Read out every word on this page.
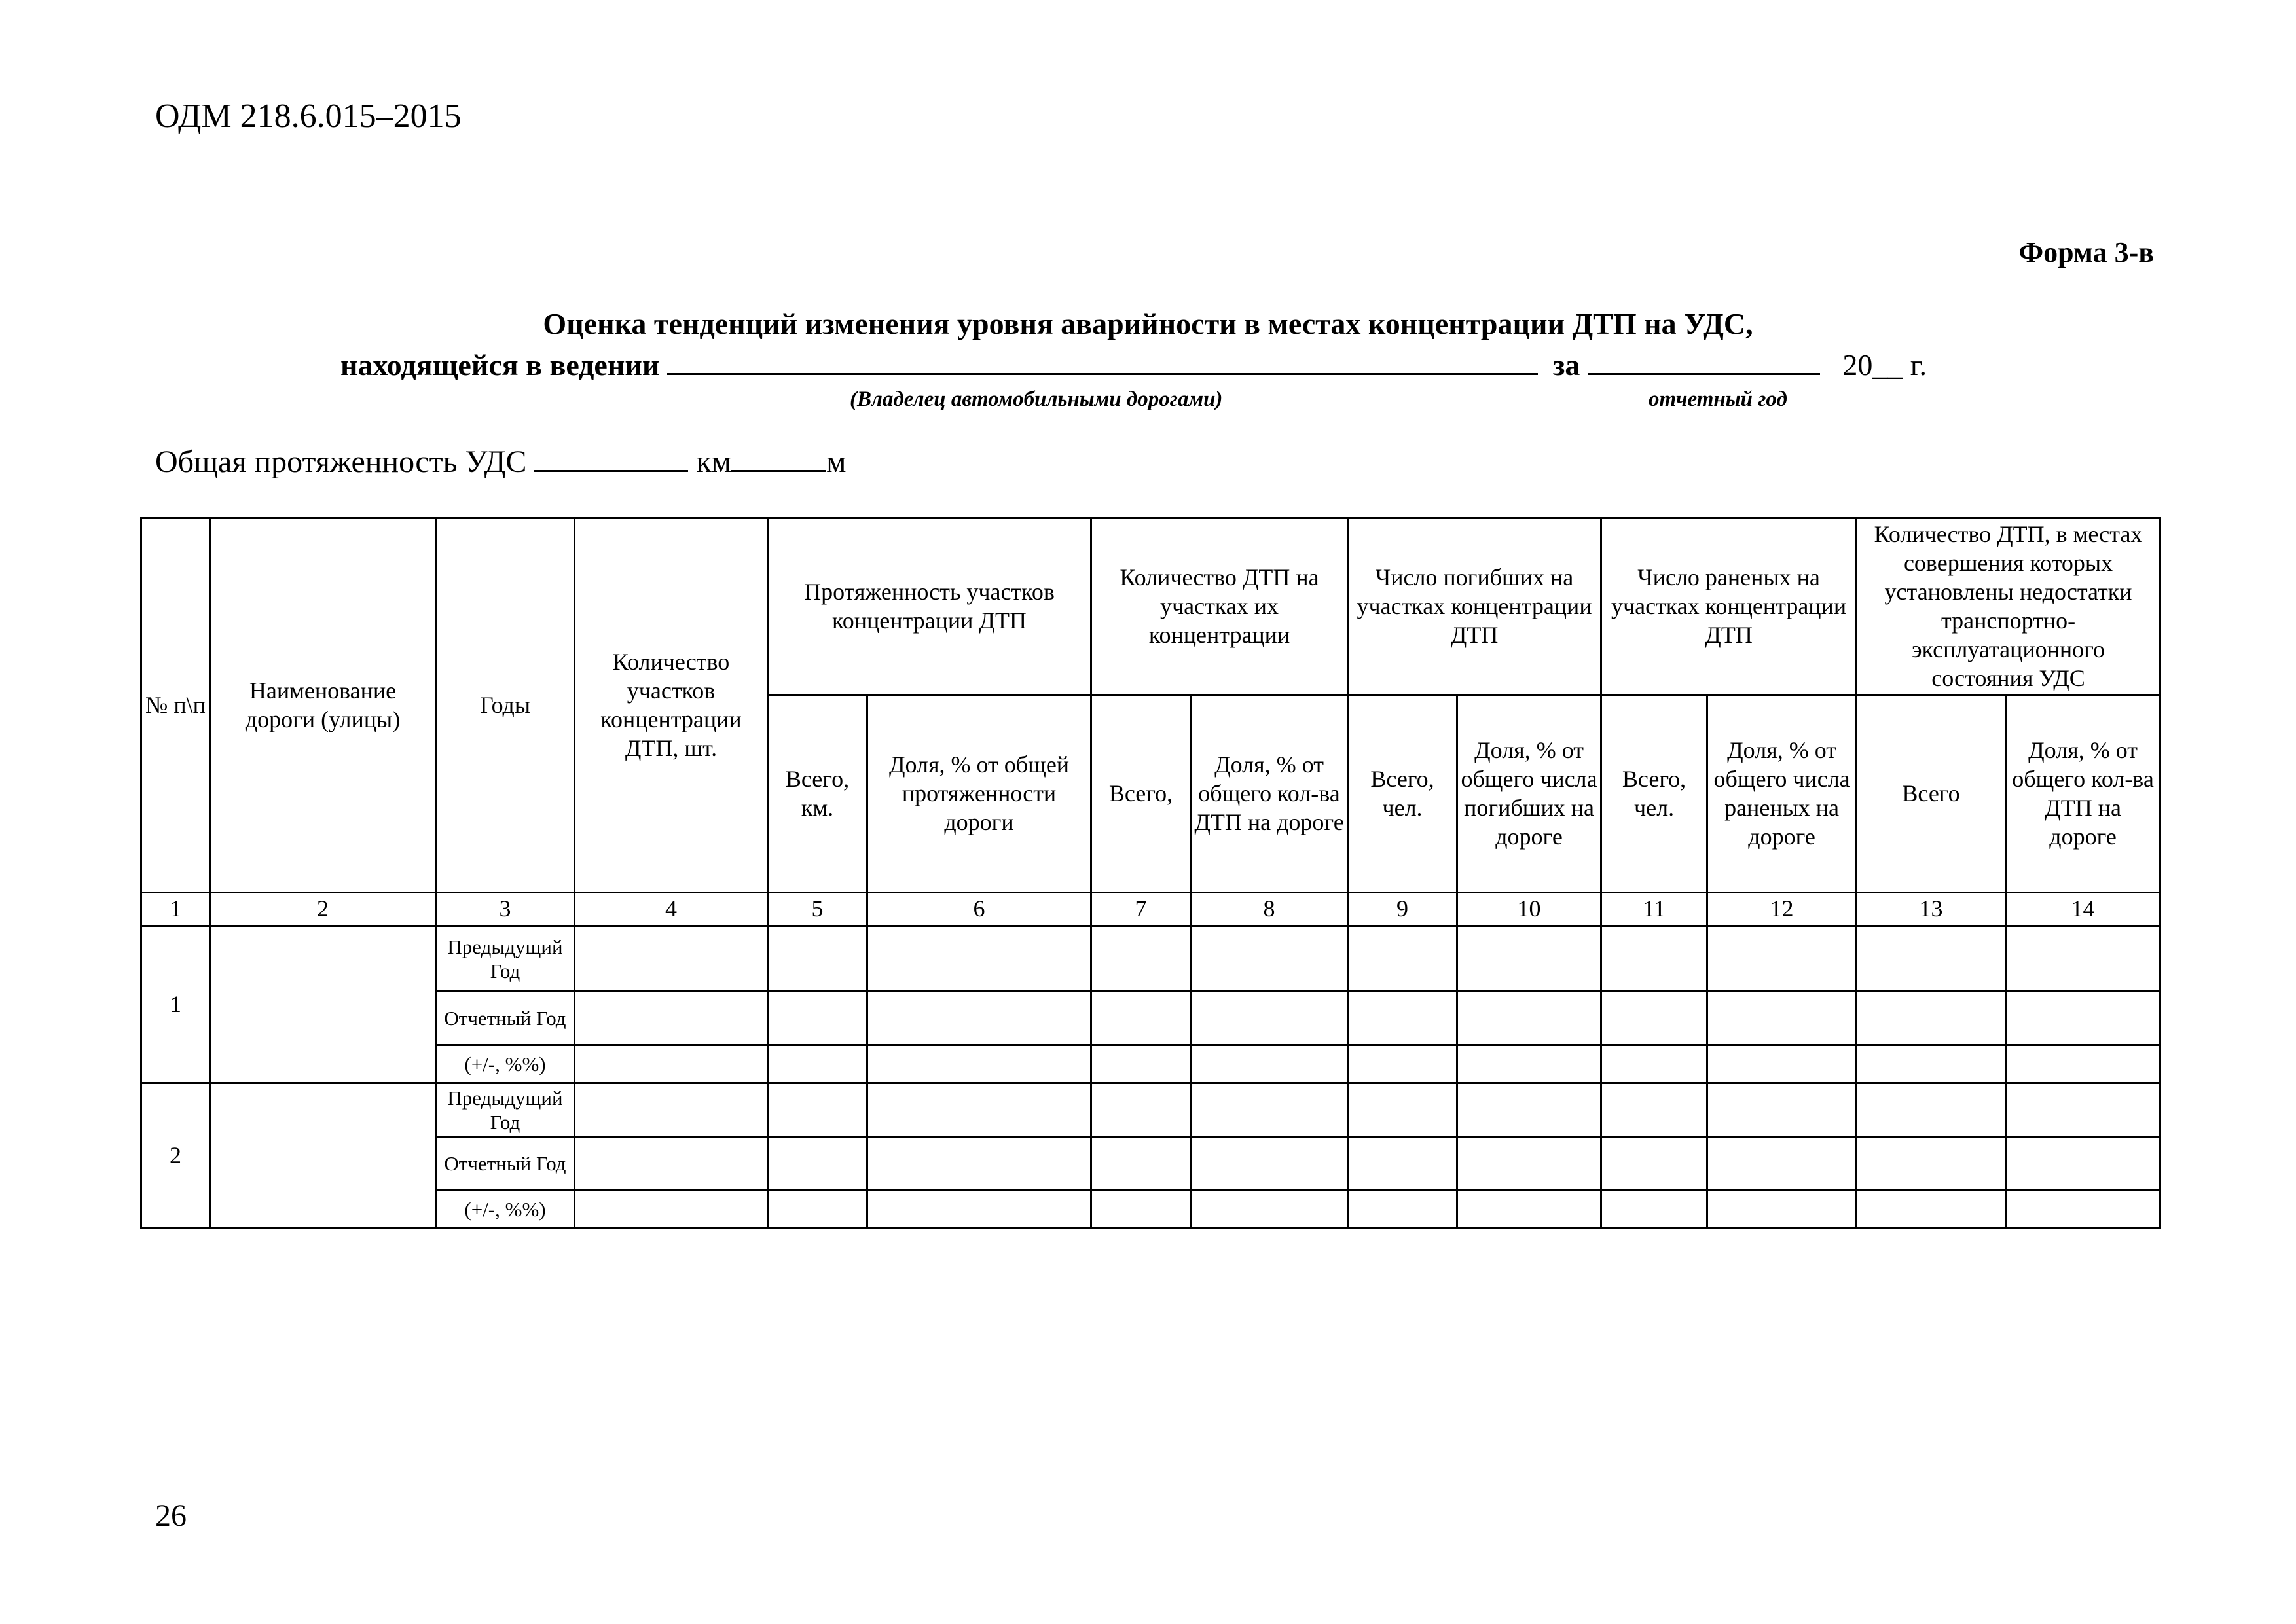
ОДМ 218.6.015–2015
Форма 3-в
Оценка тенденций изменения уровня аварийности в местах концентрации ДТП на УДС,
находящейся в ведении	за	20__ г.
(Владелец автомобильными дорогами)	отчетный год
Общая протяженность УДС	км	м
№ п\п	Наименование дороги (улицы)	Годы	Количество участков концентрации ДТП, шт.	Протяженность участков концентрации ДТП		Количество ДТП на участках их концентрации		Число погибших на участках концентрации ДТП		Число раненых на участках концентрации ДТП		Количество ДТП, в местах совершения которых установлены недостатки транспортно-эксплуатационного состояния УДС	
				Всего, км.	Доля, % от общей протяженности дороги	Всего,	Доля, % от общего кол-ва ДТП на дороге	Всего, чел.	Доля, % от общего числа погибших на дороге	Всего, чел.	Доля, % от общего числа раненых на дороге	Всего	Доля, % от общего кол-ва ДТП на дороге
1	2	3	4	5	6	7	8	9	10	11	12	13	14
1		Предыдущий Год											
		Отчетный Год											
		(+/-, %%)											
2		Предыдущий Год											
		Отчетный Год											
		(+/-, %%)											
26
